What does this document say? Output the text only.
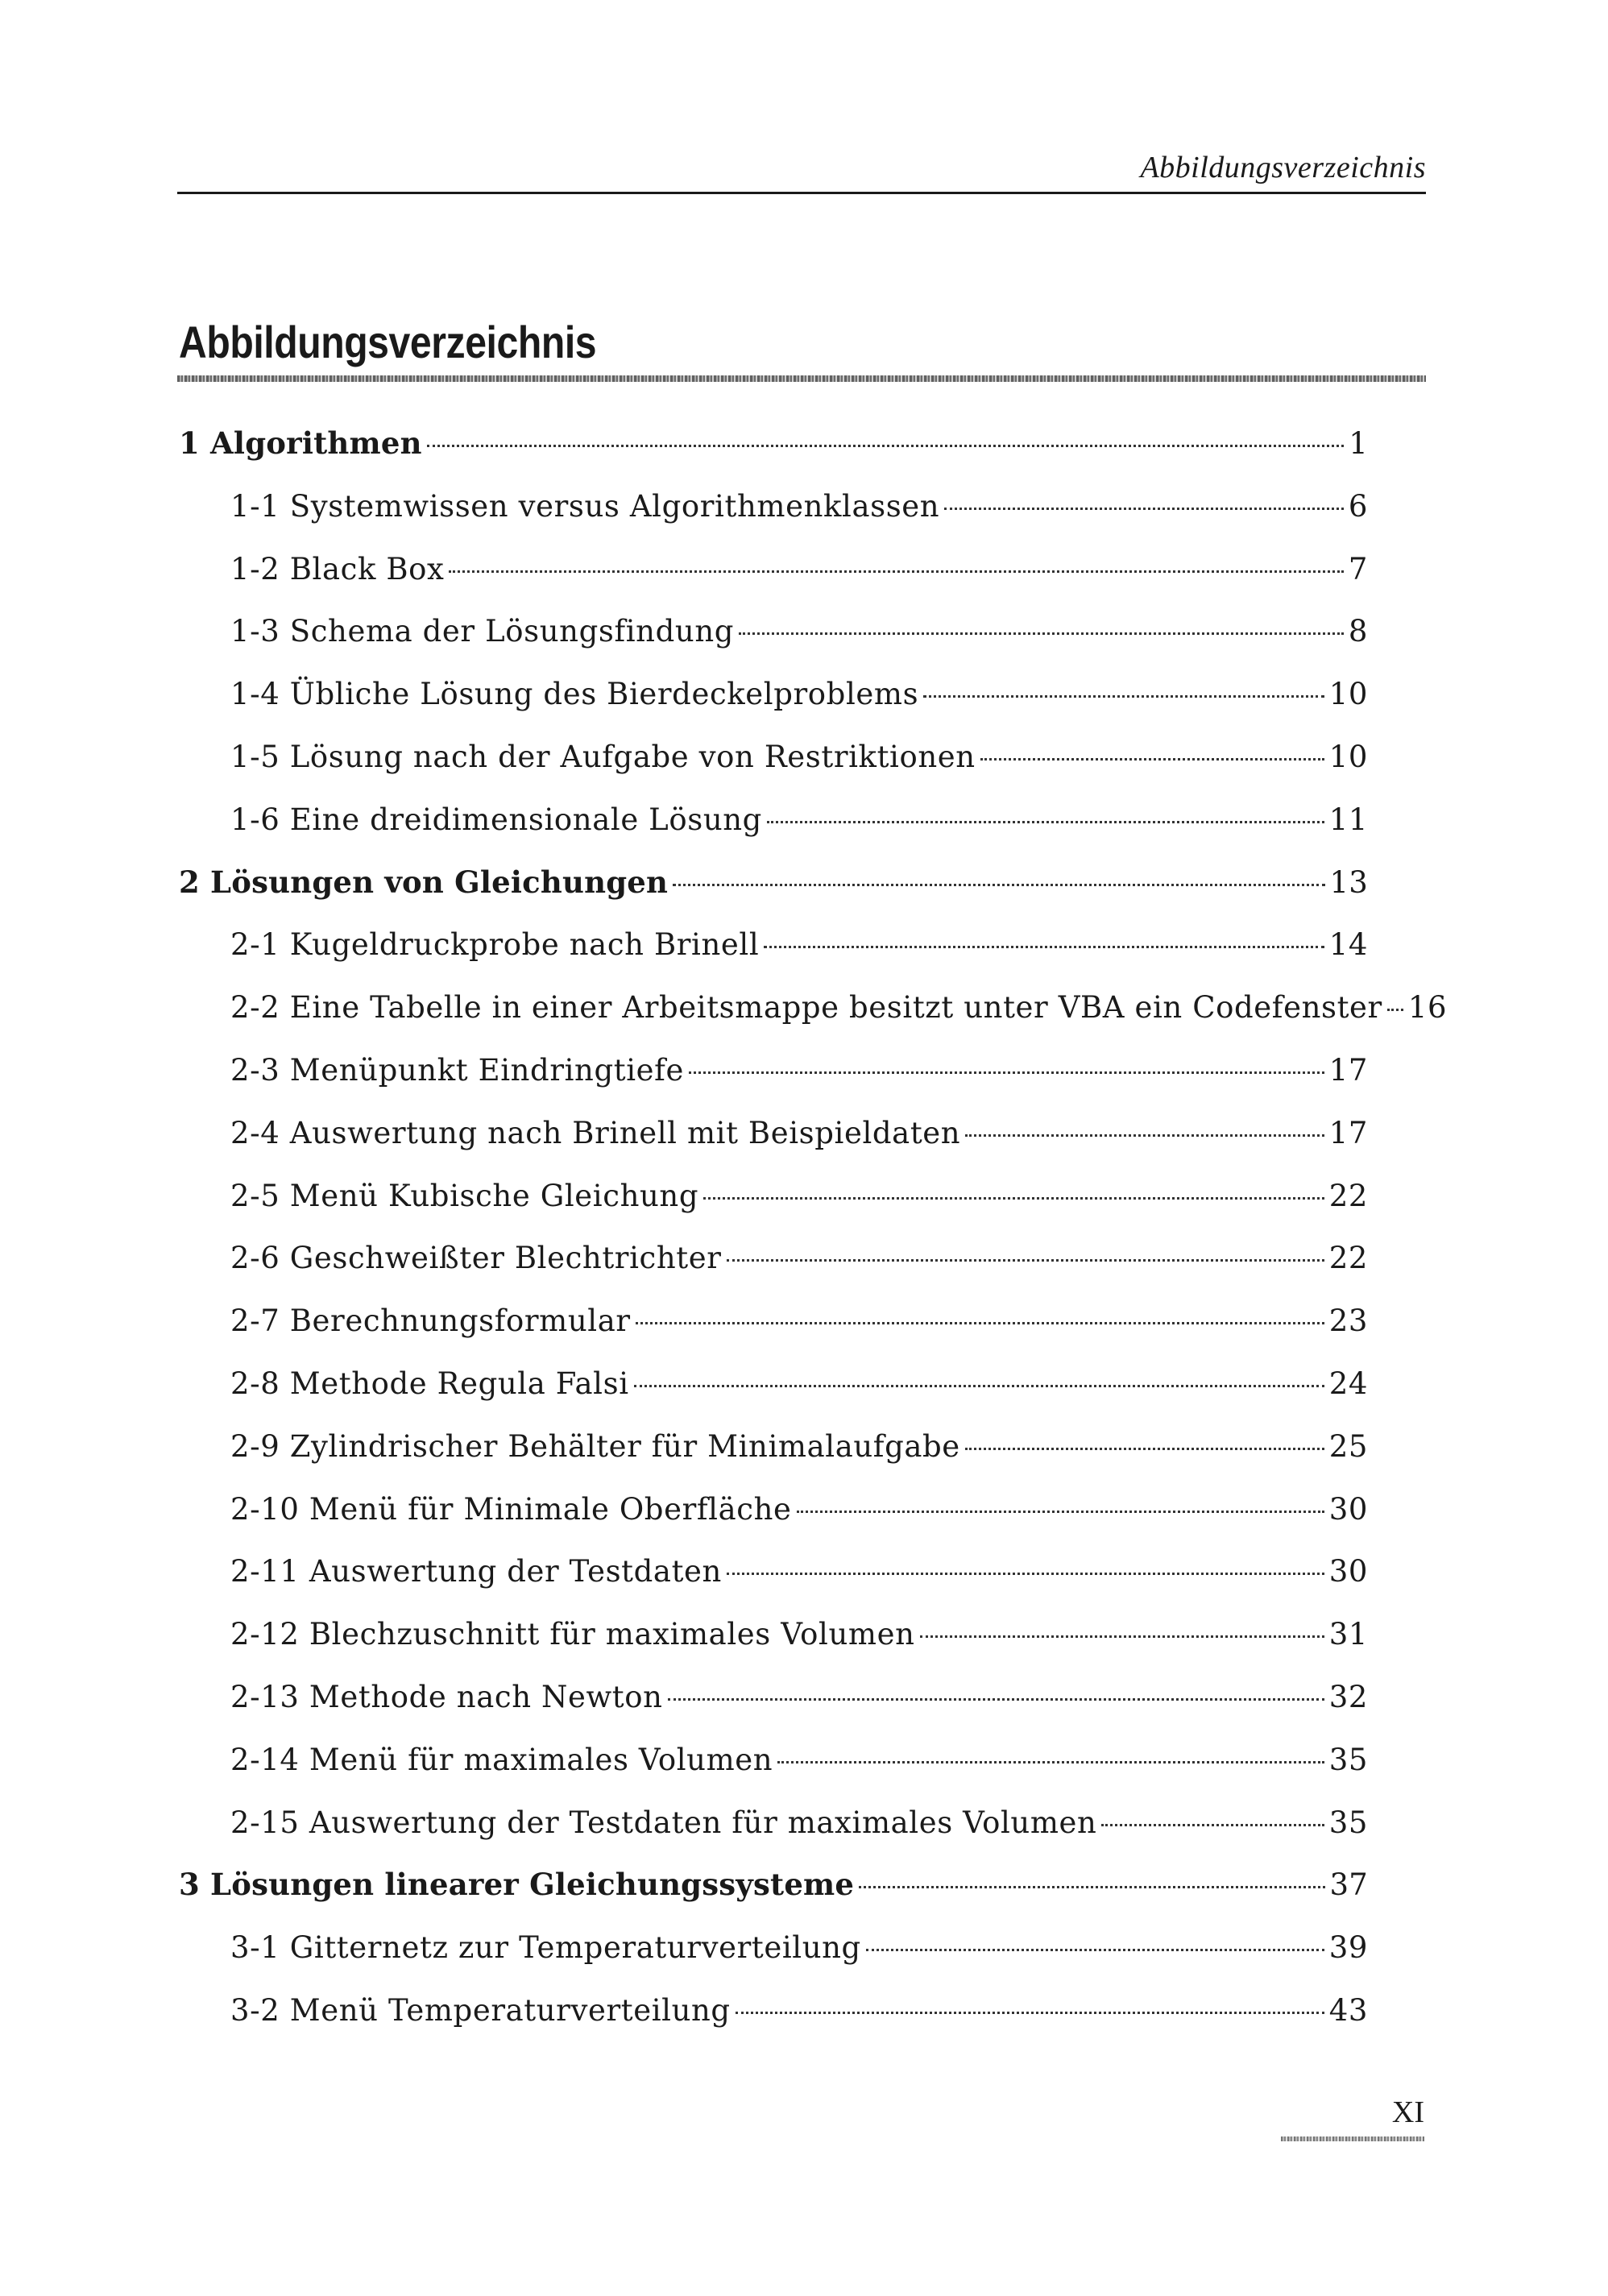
Abbildungsverzeichnis
Abbildungsverzeichnis
1 Algorithmen	1
1-1 Systemwissen versus Algorithmenklassen	6
1-2 Black Box	7
1-3 Schema der Lösungsfindung	8
1-4 Übliche Lösung des Bierdeckelproblems	10
1-5 Lösung nach der Aufgabe von Restriktionen	10
1-6 Eine dreidimensionale Lösung	11
2 Lösungen von Gleichungen	13
2-1 Kugeldruckprobe nach Brinell	14
2-2 Eine Tabelle in einer Arbeitsmappe besitzt unter VBA ein Codefenster 16
2-3 Menüpunkt Eindringtiefe	17
2-4 Auswertung nach Brinell mit Beispieldaten	17
2-5 Menü Kubische Gleichung	22
2-6 Geschweißter Blechtrichter	22
2-7 Berechnungsformular	23
2-8 Methode Regula Falsi	24
2-9 Zylindrischer Behälter für Minimalaufgabe	25
2-10 Menü für Minimale Oberfläche	30
2-11 Auswertung der Testdaten	30
2-12 Blechzuschnitt für maximales Volumen	31
2-13 Methode nach Newton	32
2-14 Menü für maximales Volumen	35
2-15 Auswertung der Testdaten für maximales Volumen	35
3 Lösungen linearer Gleichungssysteme	37
3-1 Gitternetz zur Temperaturverteilung	39
3-2 Menü Temperaturverteilung	43
XI
